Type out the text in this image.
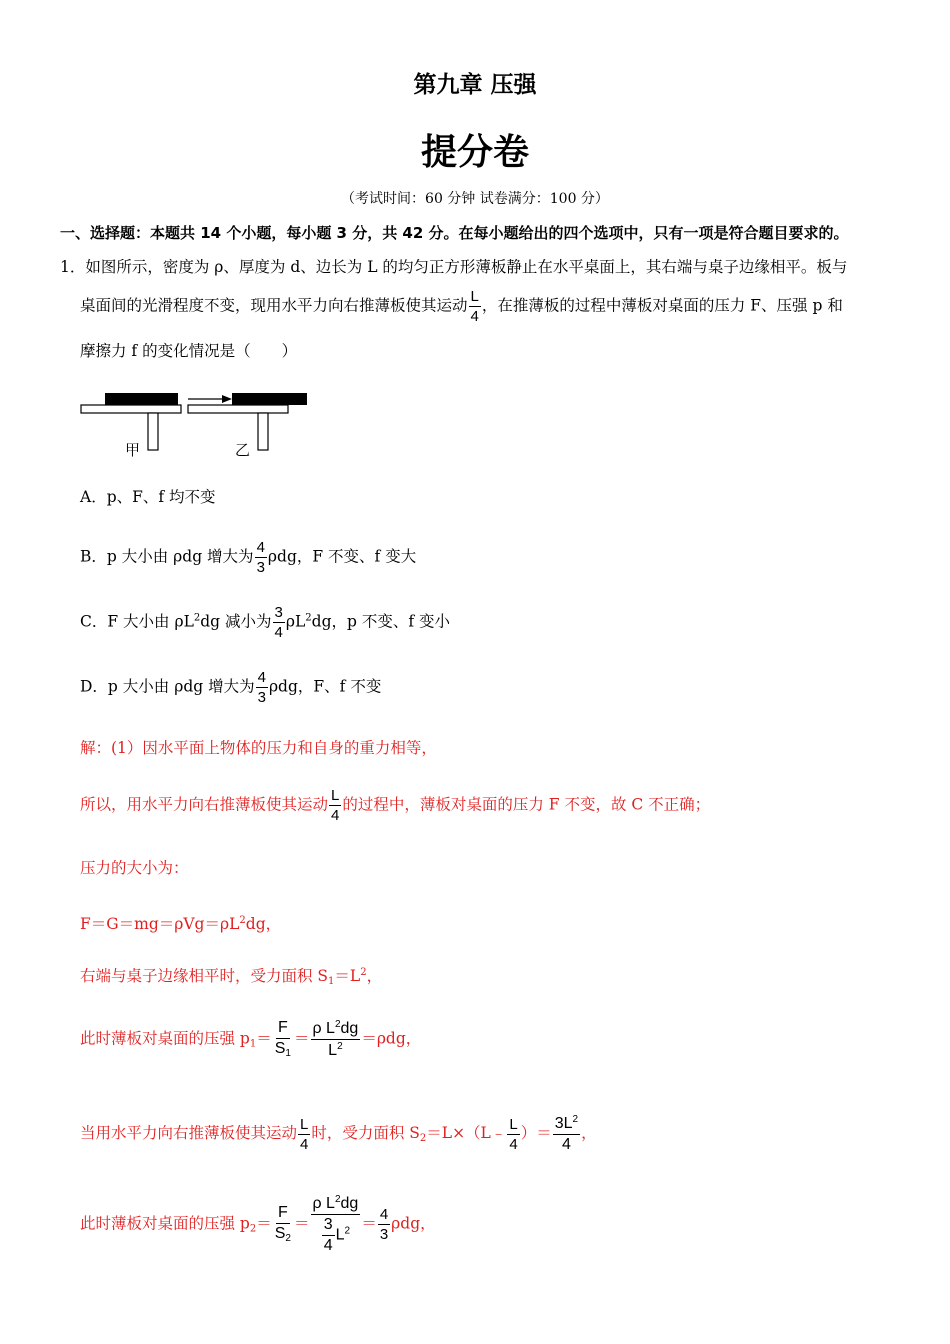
第九章 压强
提分卷
（考试时间：60 分钟 试卷满分：100 分）
一、选择题：本题共 14 个小题，每小题 3 分，共 42 分。在每小题给出的四个选项中，只有一项是符合题目要求的。
1．如图所示，密度为 ρ、厚度为 d、边长为 L 的均匀正方形薄板静止在水平桌面上，其右端与桌子边缘相平。板与
桌面间的光滑程度不变，现用水平力向右推薄板使其运动 $\frac{L}{4}$ ，在推薄板的过程中薄板对桌面的压力 F、压强 p 和
摩擦力 f 的变化情况是（　　）
甲	乙
A．p、F、f 均不变
B．p 大小由 ρdg 增大为 $\frac{4}{3}$ ρdg，F 不变、f 变大
C．F 大小由 $\rho L^2dg$ 减小为 $\frac{3}{4} \rho L^2dg$，p 不变、f 变小
D．p 大小由 ρdg 增大为 $\frac{4}{3}$ ρdg，F、f 不变
解：(1）因水平面上物体的压力和自身的重力相等，
所以，用水平力向右推薄板使其运动 $\frac{L}{4}$ 的过程中，薄板对桌面的压力 F 不变，故 C 不正确；
压力的大小为：
$F=G=mg=\rho Vg=\rho L^2dg$，
右端与桌子边缘相平时，受力面积 $S_1=L^2$，
此时薄板对桌面的压强 $p_1= \frac{F}{S_1} = \frac{\rho L^2dg}{L^2} =\rho dg$，
当用水平力向右推薄板使其运动 $\frac{L}{4}$ 时，受力面积 $S_2=L\times(L﹣ \frac{L}{4}$ ）＝ $\frac{3L^2}{4}$ ，
此时薄板对桌面的压强 $p_2= \frac{F}{S_2} = \frac{\rho L^2dg}{\frac{3}{4} L^2} = \frac{4}{3}$ ρdg，
